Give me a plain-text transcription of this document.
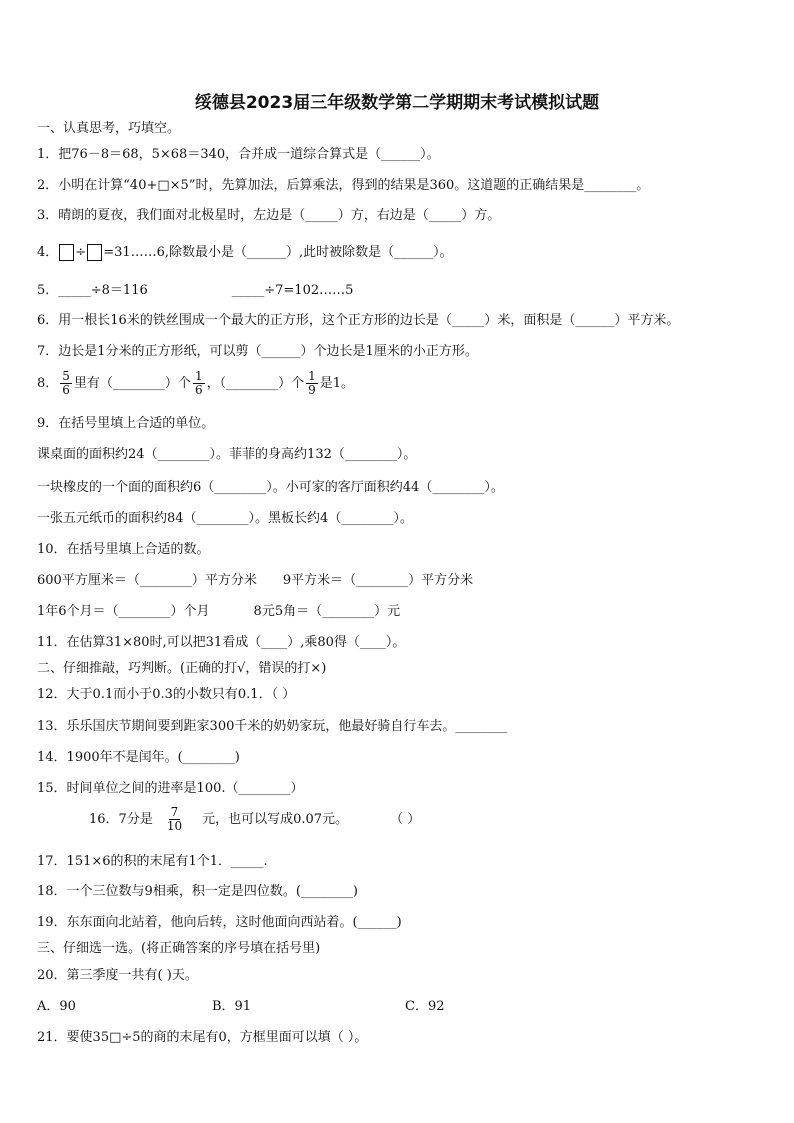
绥德县2023届三年级数学第二学期期末考试模拟试题
一、认真思考，巧填空。
1．把76－8＝68，5×68＝340，合并成一道综合算式是（______）。
2．小明在计算“40+□×5”时，先算加法，后算乘法，得到的结果是360。这道题的正确结果是________。
3．晴朗的夏夜，我们面对北极星时，左边是（_____）方，右边是（_____）方。
4． ÷ =31……6,除数最小是（______）,此时被除数是（______）。
5．_____÷8＝116	_____÷7=102……5
6．用一根长16米的铁丝围成一个最大的正方形，这个正方形的边长是（_____）米，面积是（______）平方米。
7．边长是1分米的正方形纸，可以剪（______）个边长是1厘米的小正方形。
8． $\frac{5}{6}$ 里有（________）个 $\frac{1}{6}$ ，（________）个 $\frac{1}{9}$ 是1。
9．在括号里填上合适的单位。
课桌面的面积约24（________）。菲菲的身高约132（________）。
一块橡皮的一个面的面积约6（________）。小可家的客厅面积约44（________）。
一张五元纸币的面积约84（________）。黑板长约4（________）。
10．在括号里填上合适的数。
600平方厘米＝（________）平方分米 9平方米＝（________）平方分米
1年6个月＝（________）个月	8元5角＝（________）元
11．在估算31×80时,可以把31看成（____）,乘80得（____）。
二、仔细推敲，巧判断。(正确的打√，错误的打×)
12．大于0.1而小于0.3的小数只有0.1．（ ）
13．乐乐国庆节期间要到距家300千米的奶奶家玩，他最好骑自行车去。________
14．1900年不是闰年。(________)
15．时间单位之间的进率是100.（________）
16．7分是 $\frac{7}{10}$ 元，也可以写成0.07元。	（ ）
17．151×6的积的末尾有1个1．_____.
18．一个三位数与9相乘，积一定是四位数。(________)
19．东东面向北站着，他向后转，这时他面向西站着。(______)
三、仔细选一选。(将正确答案的序号填在括号里)
20．第三季度一共有( )天。
A．90	B．91	C．92
21．要使35□÷5的商的末尾有0，方框里面可以填（ ）。
